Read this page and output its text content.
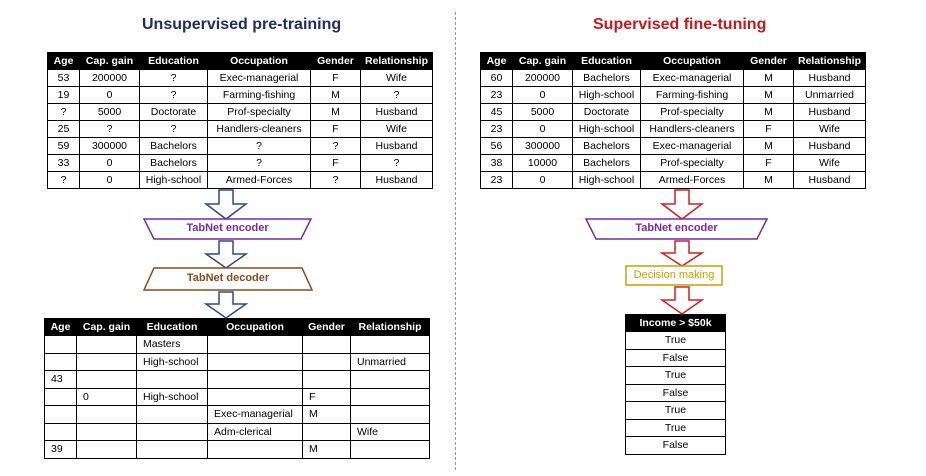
Unsupervised pre-training	Supervised fine-tuning
Age	Cap. gain	Education	Occupation	Gender	Relationship
53	200000	?	Exec-managerial	F	Wife
19	0	?	Farming-fishing	M	?
?	5000	Doctorate	Prof-specialty	M	Husband
25	?	?	Handlers-cleaners	F	Wife
59	300000	Bachelors	?	?	Husband
33	0	Bachelors	?	F	?
?	0	High-school	Armed-Forces	?	Husband
Age	Cap. gain	Education	Occupation	Gender	Relationship
60	200000	Bachelors	Exec-managerial	M	Husband
23	0	High-school	Farming-fishing	M	Unmarried
45	5000	Doctorate	Prof-specialty	M	Husband
23	0	High-school	Handlers-cleaners	F	Wife
56	300000	Bachelors	Exec-managerial	M	Husband
38	10000	Bachelors	Prof-specialty	F	Wife
23	0	High-school	Armed-Forces	M	Husband
Age	Cap. gain	Education	Occupation	Gender	Relationship
		Masters			
		High-school			Unmarried
43					
	0	High-school		F	
			Exec-managerial	M	
			Adm-clerical		Wife
39				M	
Income > $50k
True
False
True
False
True
True
False
TabNet encoder
TabNet decoder
TabNet encoder
Decision making
